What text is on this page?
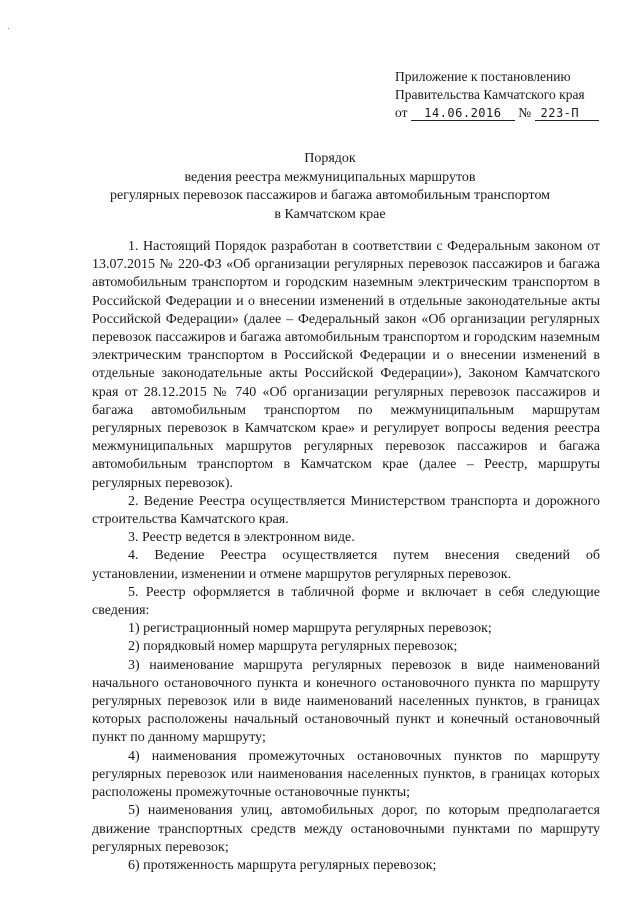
Приложение к постановлению
Правительства Камчатского края
от 14.06.2016 № 223-П
Порядок
ведения реестра межмуниципальных маршрутов
регулярных перевозок пассажиров и багажа автомобильным транспортом
в Камчатском крае

1. Настоящий Порядок разработан в соответствии с Федеральным законом от 13.07.2015 № 220-ФЗ «Об организации регулярных перевозок пассажиров и багажа автомобильным транспортом и городским наземным электрическим транспортом в Российской Федерации и о внесении изменений в отдельные законодательные акты Российской Федерации» (далее – Федеральный закон «Об организации регулярных перевозок пассажиров и багажа автомобильным транспортом и городским наземным электрическим транспортом в Российской Федерации и о внесении изменений в отдельные законодательные акты Российской Федерации»), Законом Камчатского края от 28.12.2015 № 740 «Об организации регулярных перевозок пассажиров и багажа автомобильным транспортом по межмуниципальным маршрутам регулярных перевозок в Камчатском крае» и регулирует вопросы ведения реестра межмуниципальных маршрутов регулярных перевозок пассажиров и багажа автомобильным транспортом в Камчатском крае (далее – Реестр, маршруты регулярных перевозок).

2. Ведение Реестра осуществляется Министерством транспорта и дорожного строительства Камчатского края.

3. Реестр ведется в электронном виде.

4. Ведение Реестра осуществляется путем внесения сведений об установлении, изменении и отмене маршрутов регулярных перевозок.

5. Реестр оформляется в табличной форме и включает в себя следующие сведения:

1) регистрационный номер маршрута регулярных перевозок;

2) порядковый номер маршрута регулярных перевозок;

3) наименование маршрута регулярных перевозок в виде наименований начального остановочного пункта и конечного остановочного пункта по маршруту регулярных перевозок или в виде наименований населенных пунктов, в границах которых расположены начальный остановочный пункт и конечный остановочный пункт по данному маршруту;

4) наименования промежуточных остановочных пунктов по маршруту регулярных перевозок или наименования населенных пунктов, в границах которых расположены промежуточные остановочные пункты;

5) наименования улиц, автомобильных дорог, по которым предполагается движение транспортных средств между остановочными пунктами по маршруту регулярных перевозок;

6) протяженность маршрута регулярных перевозок;
